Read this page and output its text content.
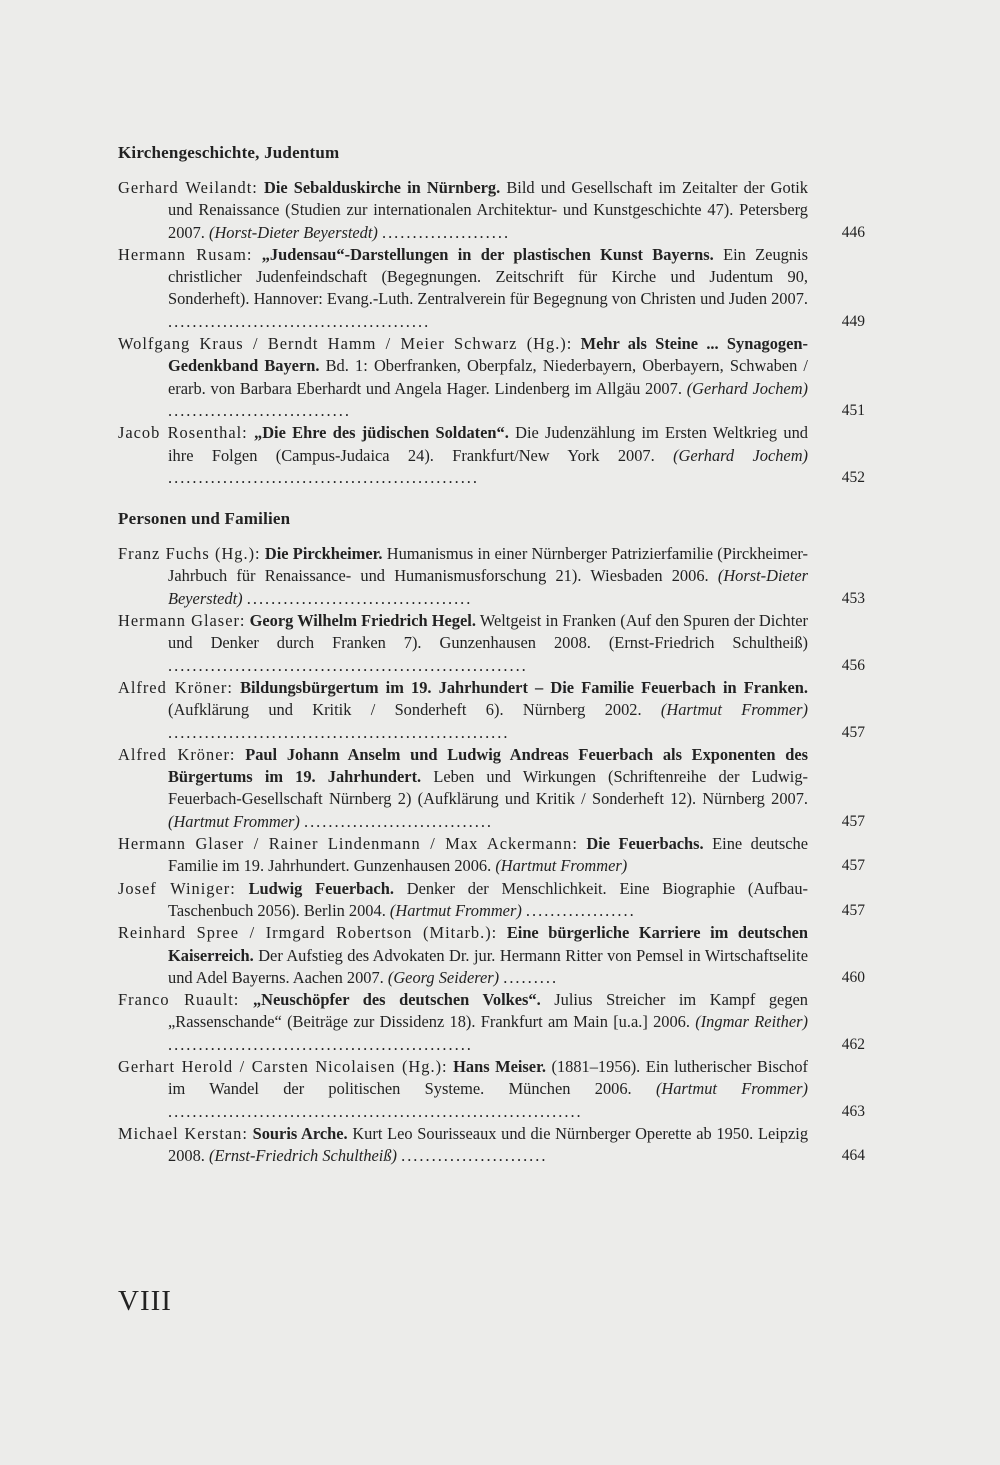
Kirchengeschichte, Judentum
Gerhard Weilandt: Die Sebalduskirche in Nürnberg. Bild und Gesellschaft im Zeitalter der Gotik und Renaissance (Studien zur internationalen Architektur- und Kunstgeschichte 47). Petersberg 2007. (Horst-Dieter Beyerstedt) .....................	446
Hermann Rusam: „Judensau“-Darstellungen in der plastischen Kunst Bayerns. Ein Zeugnis christlicher Judenfeindschaft (Begegnungen. Zeitschrift für Kirche und Judentum 90, Sonderheft). Hannover: Evang.-Luth. Zentralverein für Begegnung von Christen und Juden 2007. ...........................................	449
Wolfgang Kraus / Berndt Hamm / Meier Schwarz (Hg.): Mehr als Steine ... Synagogen-Gedenkband Bayern. Bd. 1: Oberfranken, Oberpfalz, Niederbayern, Oberbayern, Schwaben / erarb. von Barbara Eberhardt und Angela Hager. Lindenberg im Allgäu 2007. (Gerhard Jochem) ..............................	451
Jacob Rosenthal: „Die Ehre des jüdischen Soldaten“. Die Judenzählung im Ersten Weltkrieg und ihre Folgen (Campus-Judaica 24). Frankfurt/New York 2007. (Gerhard Jochem) ...................................................	452
Personen und Familien
Franz Fuchs (Hg.): Die Pirckheimer. Humanismus in einer Nürnberger Patrizierfamilie (Pirckheimer-Jahrbuch für Renaissance- und Humanismusforschung 21). Wiesbaden 2006. (Horst-Dieter Beyerstedt) .....................................	453
Hermann Glaser: Georg Wilhelm Friedrich Hegel. Weltgeist in Franken (Auf den Spuren der Dichter und Denker durch Franken 7). Gunzenhausen 2008. (Ernst-Friedrich Schultheiß) ...........................................................	456
Alfred Kröner: Bildungsbürgertum im 19. Jahrhundert – Die Familie Feuerbach in Franken. (Aufklärung und Kritik / Sonderheft 6). Nürnberg 2002. (Hartmut Frommer) ........................................................	457
Alfred Kröner: Paul Johann Anselm und Ludwig Andreas Feuerbach als Exponenten des Bürgertums im 19. Jahrhundert. Leben und Wirkungen (Schriftenreihe der Ludwig-Feuerbach-Gesellschaft Nürnberg 2) (Aufklärung und Kritik / Sonderheft 12). Nürnberg 2007. (Hartmut Frommer) ...............................	457
Hermann Glaser / Rainer Lindenmann / Max Ackermann: Die Feuerbachs. Eine deutsche Familie im 19. Jahrhundert. Gunzenhausen 2006. (Hartmut Frommer)	457
Josef Winiger: Ludwig Feuerbach. Denker der Menschlichkeit. Eine Biographie (Aufbau-Taschenbuch 2056). Berlin 2004. (Hartmut Frommer) ..................	457
Reinhard Spree / Irmgard Robertson (Mitarb.): Eine bürgerliche Karriere im deutschen Kaiserreich. Der Aufstieg des Advokaten Dr. jur. Hermann Ritter von Pemsel in Wirtschaftselite und Adel Bayerns. Aachen 2007. (Georg Seiderer) .........	460
Franco Ruault: „Neuschöpfer des deutschen Volkes“. Julius Streicher im Kampf gegen „Rassenschande“ (Beiträge zur Dissidenz 18). Frankfurt am Main [u.a.] 2006. (Ingmar Reither) ..................................................	462
Gerhart Herold / Carsten Nicolaisen (Hg.): Hans Meiser. (1881–1956). Ein lutherischer Bischof im Wandel der politischen Systeme. München 2006. (Hartmut Frommer) ....................................................................	463
Michael Kerstan: Souris Arche. Kurt Leo Sourisseaux und die Nürnberger Operette ab 1950. Leipzig 2008. (Ernst-Friedrich Schultheiß) ........................	464
VIII
